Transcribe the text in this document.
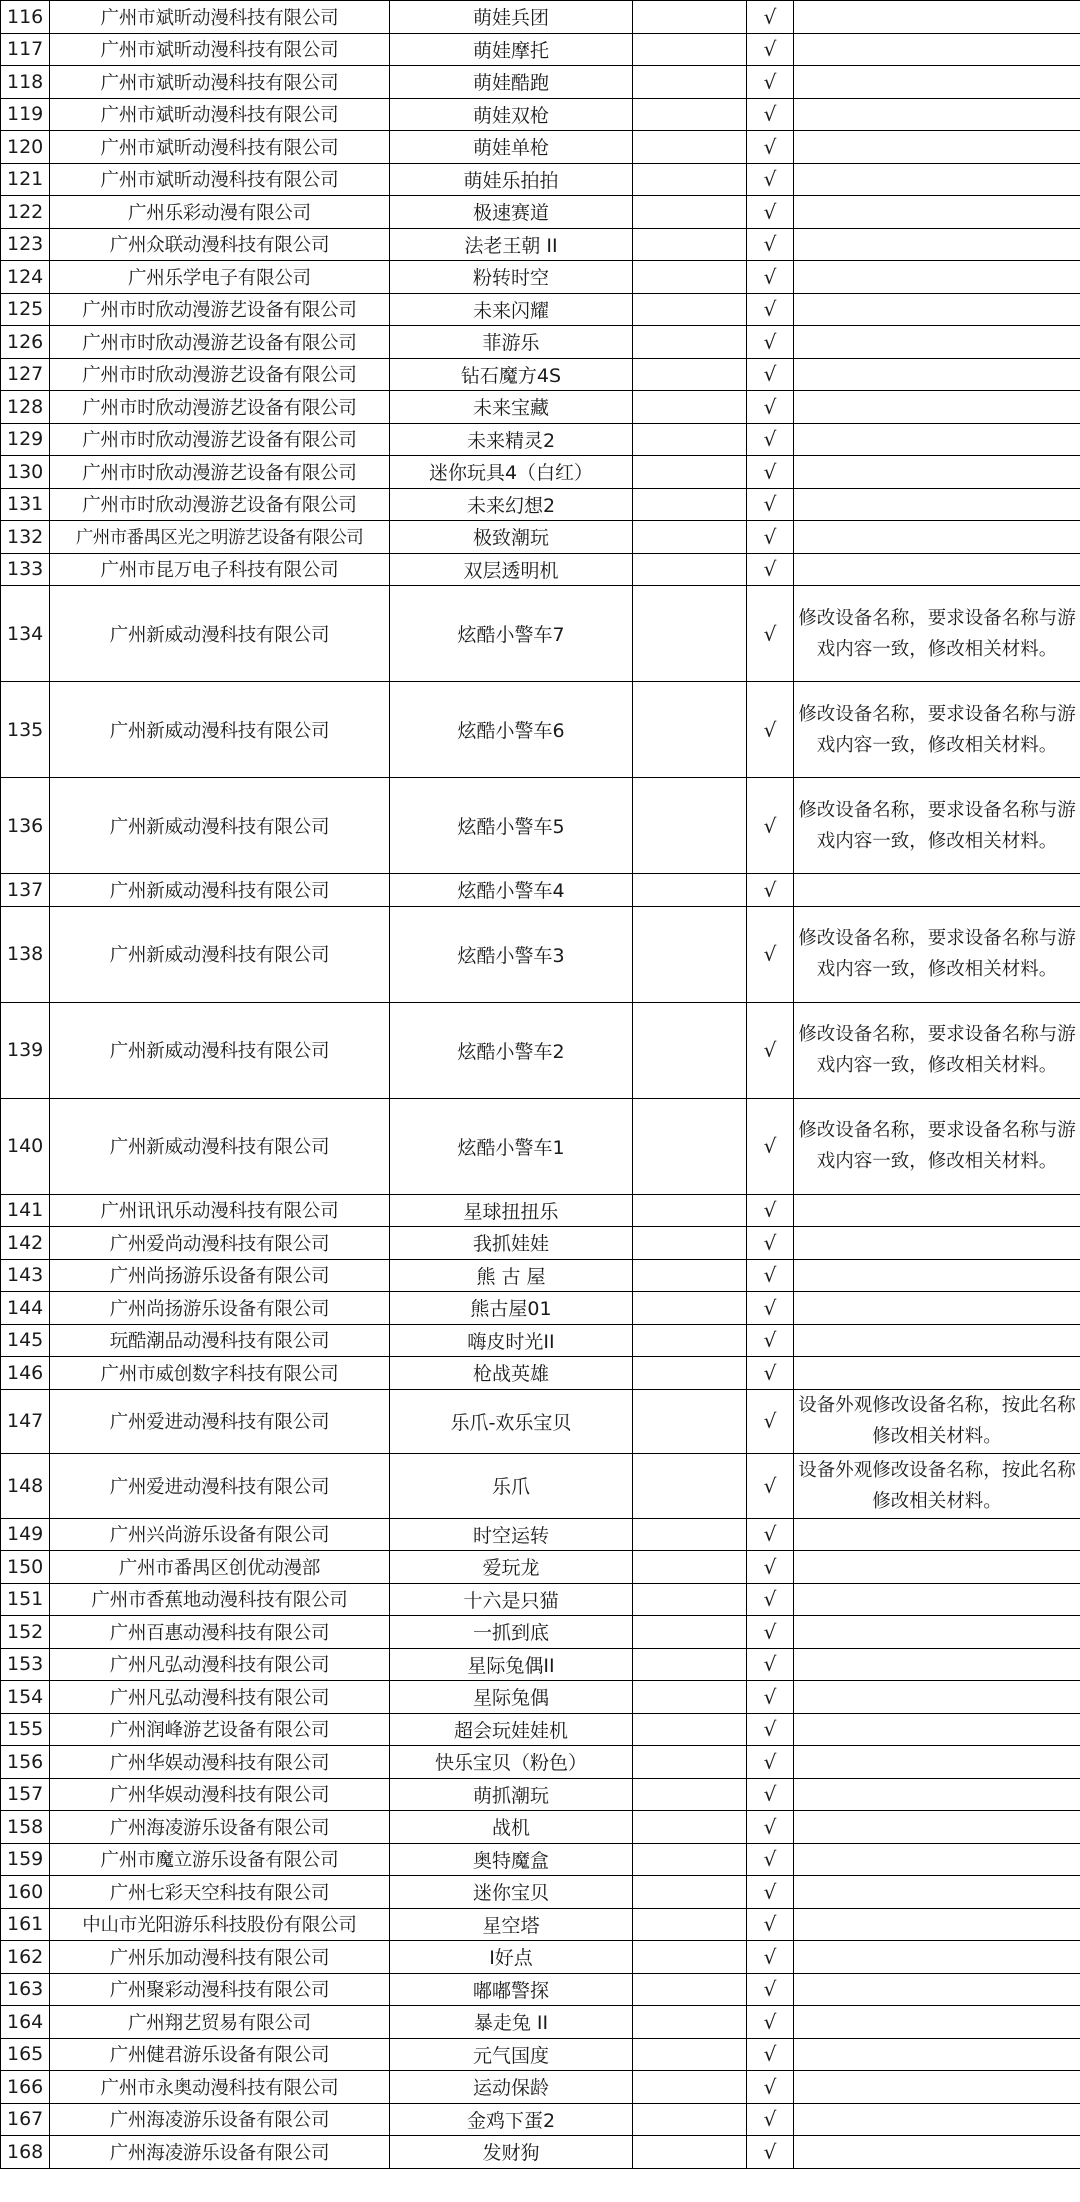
116	广州市斌昕动漫科技有限公司	萌娃兵团		√	
117	广州市斌昕动漫科技有限公司	萌娃摩托		√	
118	广州市斌昕动漫科技有限公司	萌娃酷跑		√	
119	广州市斌昕动漫科技有限公司	萌娃双枪		√	
120	广州市斌昕动漫科技有限公司	萌娃单枪		√	
121	广州市斌昕动漫科技有限公司	萌娃乐拍拍		√	
122	广州乐彩动漫有限公司	极速赛道		√	
123	广州众联动漫科技有限公司	法老王朝 II		√	
124	广州乐学电子有限公司	粉转时空		√	
125	广州市时欣动漫游艺设备有限公司	未来闪耀		√	
126	广州市时欣动漫游艺设备有限公司	菲游乐		√	
127	广州市时欣动漫游艺设备有限公司	钻石魔方4S		√	
128	广州市时欣动漫游艺设备有限公司	未来宝藏		√	
129	广州市时欣动漫游艺设备有限公司	未来精灵2		√	
130	广州市时欣动漫游艺设备有限公司	迷你玩具4（白红）		√	
131	广州市时欣动漫游艺设备有限公司	未来幻想2		√	
132	广州市番禺区光之明游艺设备有限公司	极致潮玩		√	
133	广州市昆万电子科技有限公司	双层透明机		√	
134	广州新威动漫科技有限公司	炫酷小警车7		√	修改设备名称，要求设备名称与游戏内容一致，修改相关材料。
135	广州新威动漫科技有限公司	炫酷小警车6		√	修改设备名称，要求设备名称与游戏内容一致，修改相关材料。
136	广州新威动漫科技有限公司	炫酷小警车5		√	修改设备名称，要求设备名称与游戏内容一致，修改相关材料。
137	广州新威动漫科技有限公司	炫酷小警车4		√	
138	广州新威动漫科技有限公司	炫酷小警车3		√	修改设备名称，要求设备名称与游戏内容一致，修改相关材料。
139	广州新威动漫科技有限公司	炫酷小警车2		√	修改设备名称，要求设备名称与游戏内容一致，修改相关材料。
140	广州新威动漫科技有限公司	炫酷小警车1		√	修改设备名称，要求设备名称与游戏内容一致，修改相关材料。
141	广州讯讯乐动漫科技有限公司	星球扭扭乐		√	
142	广州爱尚动漫科技有限公司	我抓娃娃		√	
143	广州尚扬游乐设备有限公司	熊 古 屋		√	
144	广州尚扬游乐设备有限公司	熊古屋01		√	
145	玩酷潮品动漫科技有限公司	嗨皮时光II		√	
146	广州市威创数字科技有限公司	枪战英雄		√	
147	广州爱进动漫科技有限公司	乐爪-欢乐宝贝		√	设备外观修改设备名称，按此名称修改相关材料。
148	广州爱进动漫科技有限公司	乐爪		√	设备外观修改设备名称，按此名称修改相关材料。
149	广州兴尚游乐设备有限公司	时空运转		√	
150	广州市番禺区创优动漫部	爱玩龙		√	
151	广州市香蕉地动漫科技有限公司	十六是只猫		√	
152	广州百惠动漫科技有限公司	一抓到底		√	
153	广州凡弘动漫科技有限公司	星际兔偶II		√	
154	广州凡弘动漫科技有限公司	星际兔偶		√	
155	广州润峰游艺设备有限公司	超会玩娃娃机		√	
156	广州华娱动漫科技有限公司	快乐宝贝（粉色）		√	
157	广州华娱动漫科技有限公司	萌抓潮玩		√	
158	广州海凌游乐设备有限公司	战机		√	
159	广州市魔立游乐设备有限公司	奥特魔盒		√	
160	广州七彩天空科技有限公司	迷你宝贝		√	
161	中山市光阳游乐科技股份有限公司	星空塔		√	
162	广州乐加动漫科技有限公司	I好点		√	
163	广州聚彩动漫科技有限公司	嘟嘟警探		√	
164	广州翔艺贸易有限公司	暴走兔 II		√	
165	广州健君游乐设备有限公司	元气国度		√	
166	广州市永奥动漫科技有限公司	运动保龄		√	
167	广州海凌游乐设备有限公司	金鸡下蛋2		√	
168	广州海凌游乐设备有限公司	发财狗		√	
